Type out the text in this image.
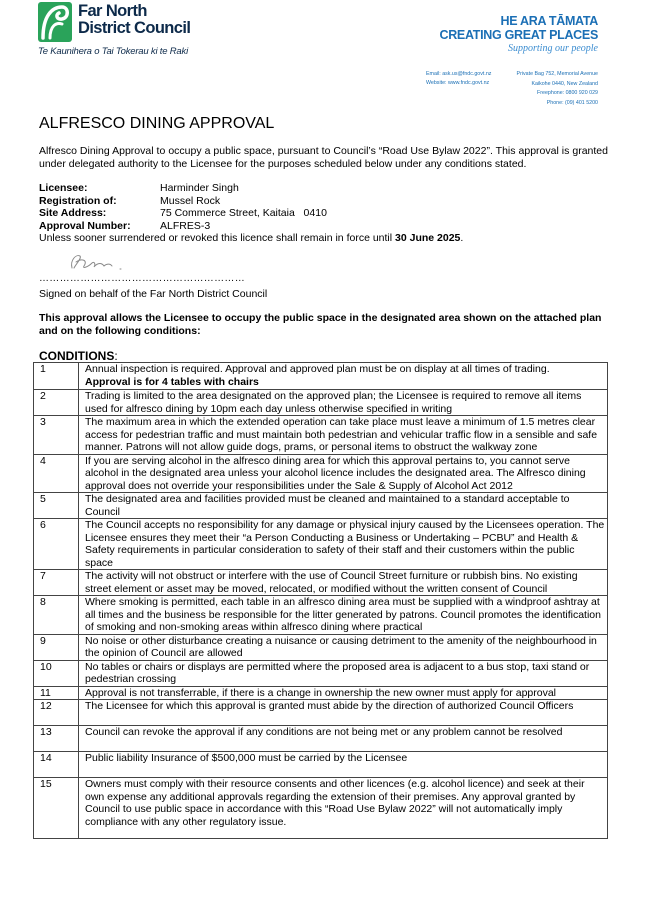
Far North
District Council
Te Kaunihera o Tai Tokerau ki te Raki
HE ARA TĀMATA
CREATING GREAT PLACES
Supporting our people
Email: ask.us@fndc.govt.nz
Website: www.fndc.govt.nz
Private Bag 752, Memorial Avenue
Kaikohe 0440, New Zealand
Freephone: 0800 920 029
Phone: (09) 401 5200
ALFRESCO DINING APPROVAL
Alfresco Dining Approval to occupy a public space, pursuant to Council’s “Road Use Bylaw 2022”. This approval is granted under delegated authority to the Licensee for the purposes scheduled below under any conditions stated.
Licensee:	Harminder Singh
Registration of:	Mussel Rock
Site Address:	75 Commerce Street, Kaitaia   0410
Approval Number:	ALFRES-3
Unless sooner surrendered or revoked this licence shall remain in force until 30 June 2025.
……………………………………………………
Signed on behalf of the Far North District Council
This approval allows the Licensee to occupy the public space in the designated area shown on the attached plan and on the following conditions:
CONDITIONS:
1	Annual inspection is required. Approval and approved plan must be on display at all times of trading.
Approval is for 4 tables with chairs

2	Trading is limited to the area designated on the approved plan; the Licensee is required to remove all items used for alfresco dining by 10pm each day unless otherwise specified in writing
3	The maximum area in which the extended operation can take place must leave a minimum of 1.5 metres clear access for pedestrian traffic and must maintain both pedestrian and vehicular traffic flow in a sensible and safe manner. Patrons will not allow guide dogs, prams, or personal items to obstruct the walkway zone
4	If you are serving alcohol in the alfresco dining area for which this approval pertains to, you cannot serve alcohol in the designated area unless your alcohol licence includes the designated area. The Alfresco dining approval does not override your responsibilities under the Sale & Supply of Alcohol Act 2012
5	The designated area and facilities provided must be cleaned and maintained to a standard acceptable to Council
6	The Council accepts no responsibility for any damage or physical injury caused by the Licensees operation. The Licensee ensures they meet their “a Person Conducting a Business or Undertaking – PCBU” and Health & Safety requirements in particular consideration to safety of their staff and their customers within the public space
7	The activity will not obstruct or interfere with the use of Council Street furniture or rubbish bins. No existing street element or asset may be moved, relocated, or modified without the written consent of Council
8	Where smoking is permitted, each table in an alfresco dining area must be supplied with a windproof ashtray at all times and the business be responsible for the litter generated by patrons. Council promotes the identification of smoking and non-smoking areas within alfresco dining where practical
9	No noise or other disturbance creating a nuisance or causing detriment to the amenity of the neighbourhood in the opinion of Council are allowed
10	No tables or chairs or displays are permitted where the proposed area is adjacent to a bus stop, taxi stand or pedestrian crossing
11	Approval is not transferrable, if there is a change in ownership the new owner must apply for approval
12	The Licensee for which this approval is granted must abide by the direction of authorized Council Officers
13	Council can revoke the approval if any conditions are not being met or any problem cannot be resolved
14	Public liability Insurance of $500,000 must be carried by the Licensee
15	Owners must comply with their resource consents and other licences (e.g. alcohol licence) and seek at their own expense any additional approvals regarding the extension of their premises. Any approval granted by Council to use public space in accordance with this “Road Use Bylaw 2022” will not automatically imply compliance with any other regulatory issue.
